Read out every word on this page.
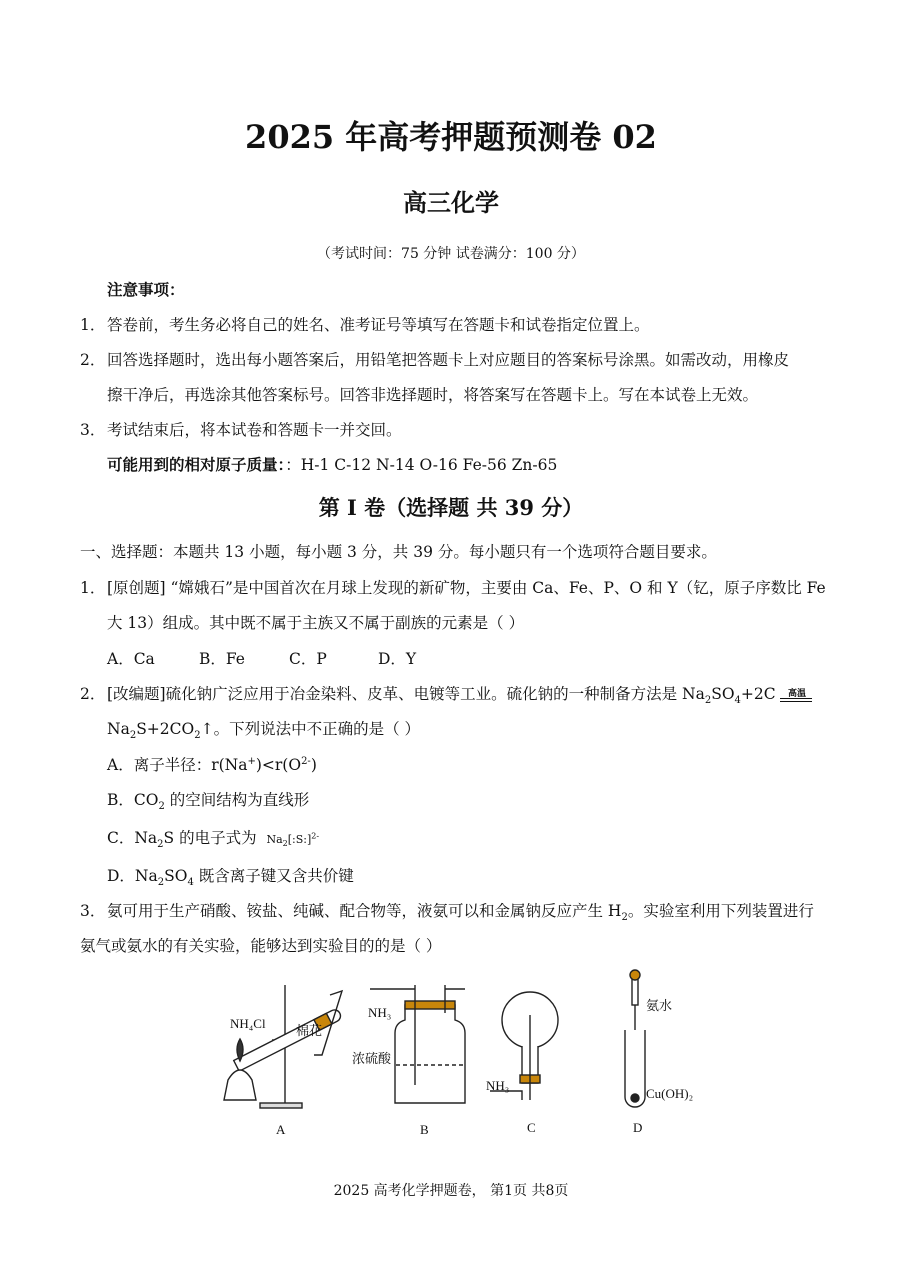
2025 年高考押题预测卷 02
高三化学
（考试时间：75 分钟 试卷满分：100 分）
注意事项：
1． 答卷前，考生务必将自己的姓名、准考证号等填写在答题卡和试卷指定位置上。
2． 回答选择题时，选出每小题答案后，用铅笔把答题卡上对应题目的答案标号涂黑。如需改动，用橡皮
擦干净后，再选涂其他答案标号。回答非选择题时，将答案写在答题卡上。写在本试卷上无效。
3． 考试结束后，将本试卷和答题卡一并交回。
可能用到的相对原子质量：：H-1 C-12 N-14 O-16 Fe-56 Zn-65
第 I 卷（选择题 共 39 分）
一、选择题：本题共 13 小题，每小题 3 分，共 39 分。每小题只有一个选项符合题目要求。
1． [原创题] “嫦娥石”是中国首次在月球上发现的新矿物，主要由 Ca、Fe、P、O 和 Y（钇，原子序数比 Fe
大 13）组成。其中既不属于主族又不属于副族的元素是（ ）
A．Ca	B．Fe	C．P	D．Y
2． [改编题]硫化钠广泛应用于冶金染料、皮革、电镀等工业。硫化钠的一种制备方法是 $Na_2SO_4+2C$ 高温
$Na_2S+2CO_2↑$。下列说法中不正确的是（ ）
A．离子半径：$r(Na^+)<r(O^{2-})$
B．$CO_2$ 的空间结构为直线形
C．$Na_2S$ 的电子式为 $Na_2[:S:]^{2-}$
D．$Na_2SO_4$ 既含离子键又含共价键
3． 氨可用于生产硝酸、铵盐、纯碱、配合物等，液氨可以和金属钠反应产生 $H_2$。实验室利用下列装置进行
氨气或氨水的有关实验，能够达到实验目的的是（ ）
NH₄Cl 棉花
NH₃
浓硫酸
NH₃
氨水
Cu(OH)₂
A	B	C	D
2025 高考化学押题卷， 第1页 共8页
